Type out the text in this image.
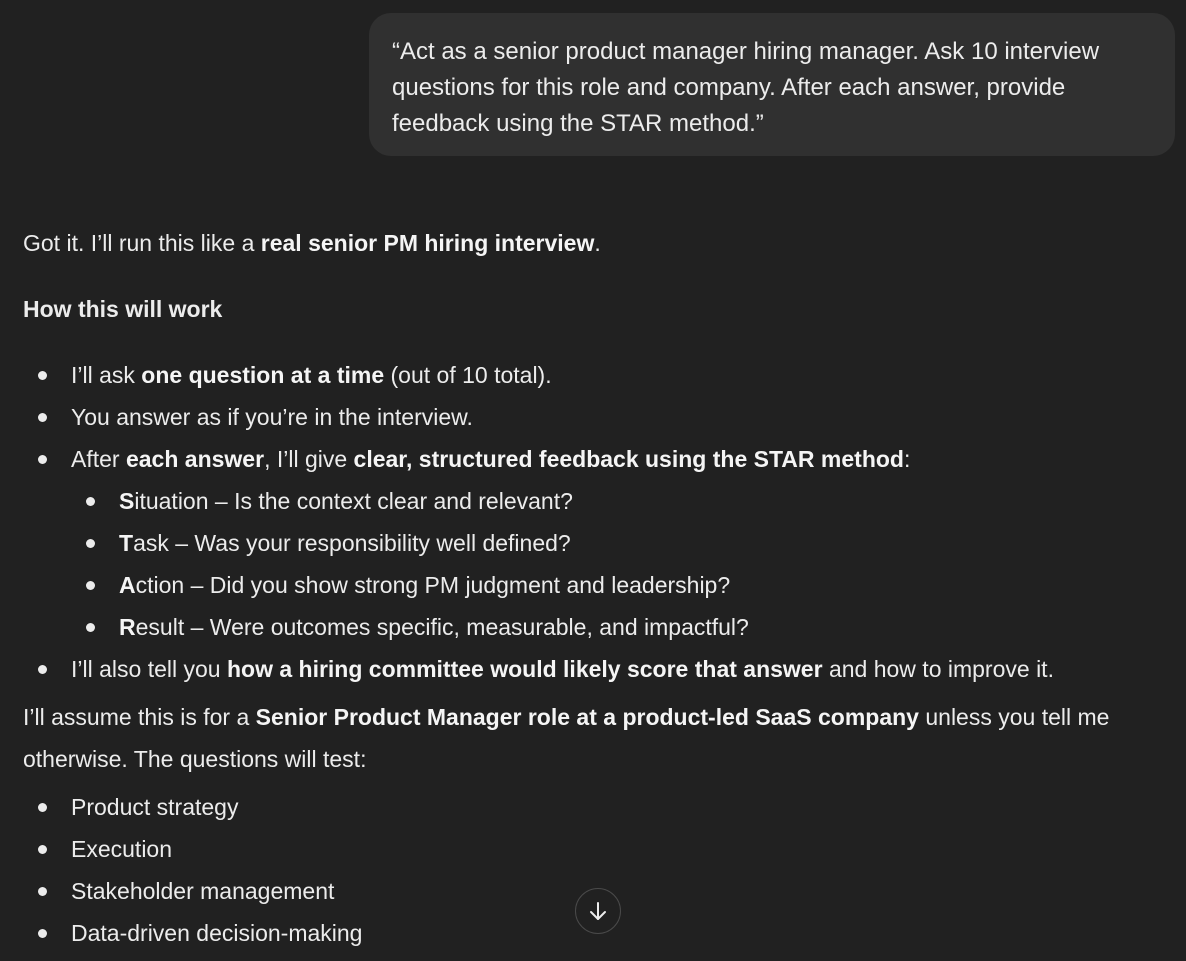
“Act as a senior product manager hiring manager. Ask 10 interview
questions for this role and company. After each answer, provide
feedback using the STAR method.”

Got it. I’ll run this like a real senior PM hiring interview.

How this will work

I’ll ask one question at a time (out of 10 total).
You answer as if you’re in the interview.
After each answer, I’ll give clear, structured feedback using the STAR method:
Situation – Is the context clear and relevant?
Task – Was your responsibility well defined?
Action – Did you show strong PM judgment and leadership?
Result – Were outcomes specific, measurable, and impactful?
I’ll also tell you how a hiring committee would likely score that answer and how to improve it.

I’ll assume this is for a Senior Product Manager role at a product-led SaaS company unless you tell me otherwise. The questions will test:

Product strategy
Execution
Stakeholder management
Data-driven decision-making
